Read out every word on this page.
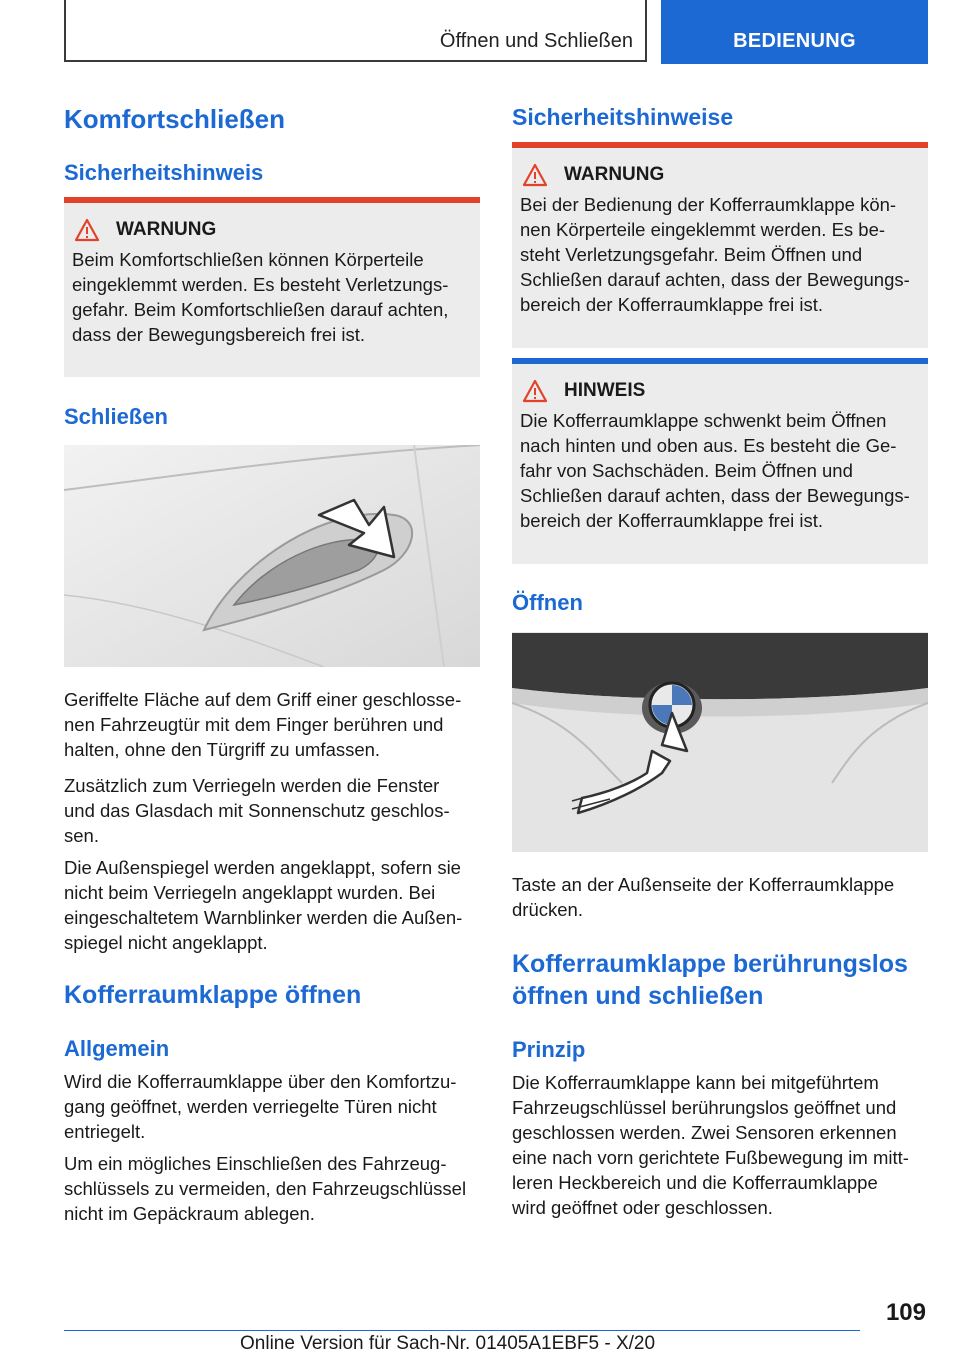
Öffnen und Schließen	BEDIENUNG
Komfortschließen
Sicherheitshinweis
WARNUNG
Beim Komfortschließen können Körperteile
eingeklemmt werden. Es besteht Verletzungs-
gefahr. Beim Komfortschließen darauf achten,
dass der Bewegungsbereich frei ist.
Schließen
Geriffelte Fläche auf dem Griff einer geschlosse-
nen Fahrzeugtür mit dem Finger berühren und
halten, ohne den Türgriff zu umfassen.

Zusätzlich zum Verriegeln werden die Fenster
und das Glasdach mit Sonnenschutz geschlos-
sen.

Die Außenspiegel werden angeklappt, sofern sie
nicht beim Verriegeln angeklappt wurden. Bei
eingeschaltetem Warnblinker werden die Außen-
spiegel nicht angeklappt.

Kofferraumklappe öffnen
Allgemein

Wird die Kofferraumklappe über den Komfortzu-
gang geöffnet, werden verriegelte Türen nicht
entriegelt.

Um ein mögliches Einschließen des Fahrzeug-
schlüssels zu vermeiden, den Fahrzeugschlüssel
nicht im Gepäckraum ablegen.

Sicherheitshinweise
WARNUNG
Bei der Bedienung der Kofferraumklappe kön-
nen Körperteile eingeklemmt werden. Es be-
steht Verletzungsgefahr. Beim Öffnen und
Schließen darauf achten, dass der Bewegungs-
bereich der Kofferraumklappe frei ist.
HINWEIS
Die Kofferraumklappe schwenkt beim Öffnen
nach hinten und oben aus. Es besteht die Ge-
fahr von Sachschäden. Beim Öffnen und
Schließen darauf achten, dass der Bewegungs-
bereich der Kofferraumklappe frei ist.
Öffnen
Taste an der Außenseite der Kofferraumklappe
drücken.
Kofferraumklappe berührungslos
öffnen und schließen
Prinzip

Die Kofferraumklappe kann bei mitgeführtem
Fahrzeugschlüssel berührungslos geöffnet und
geschlossen werden. Zwei Sensoren erkennen
eine nach vorn gerichtete Fußbewegung im mitt-
leren Heckbereich und die Kofferraumklappe
wird geöffnet oder geschlossen.

109
Online Version für Sach-Nr. 01405A1EBF5 - X/20
